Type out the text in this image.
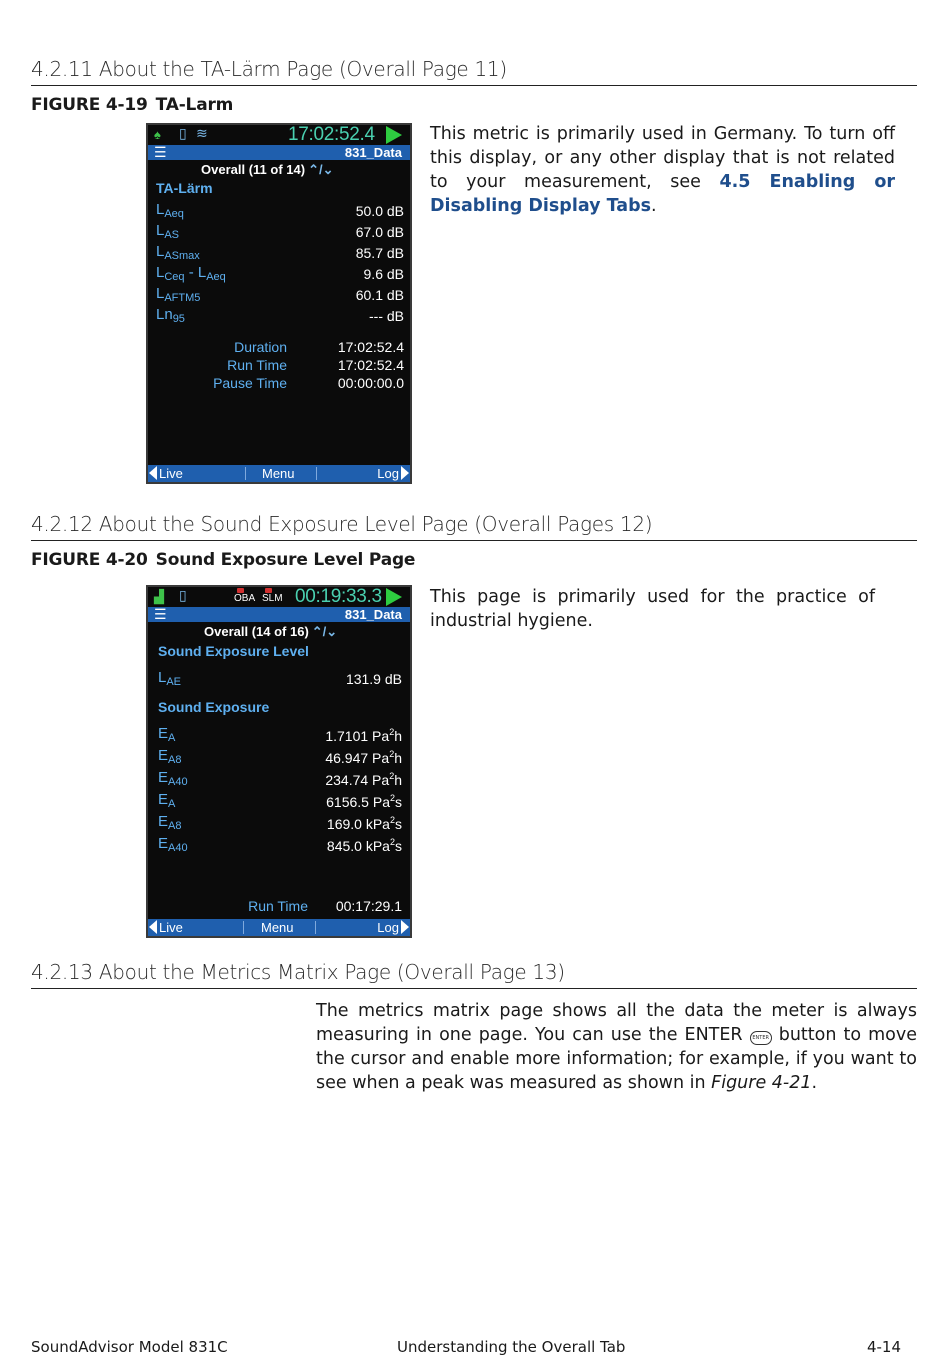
4.2.11 About the TA-Lärm Page (Overall Page 11)
FIGURE 4-19 TA-Larm
♠ ▯ ≋	17:02:52.4
☰	831_Data
Overall (11 of 14) ⌃/⌄
TA-Lärm
$L_{Aeq}$	50.0 dB
$L_{AS}$	67.0 dB
$L_{ASmax}$	85.7 dB
$L_{Ceq} - L_{Aeq}$	9.6 dB
$L_{AFTM5}$	60.1 dB
$Ln_{95}$	--- dB
Duration	17:02:52.4
Run Time	17:02:52.4
Pause Time	00:00:00.0
Live	Menu	Log
This metric is primarily used in Germany. To turn off this display, or any other display that is not related to your measurement, see 4.5 Enabling or Disabling Display Tabs.
4.2.12 About the Sound Exposure Level Page (Overall Pages 12)
FIGURE 4-20 Sound Exposure Level Page
▟ ▯	OBA SLM 00:19:33.3
☰	831_Data
Overall (14 of 16) ⌃/⌄
Sound Exposure Level
$L_{AE}$	131.9 dB
Sound Exposure
$E_A$	1.7101 Pa$^2$h
$E_{A8}$	46.947 Pa$^2$h
$E_{A40}$	234.74 Pa$^2$h
$E_A$	6156.5 Pa$^2$s
$E_{A8}$	169.0 kPa$^2$s
$E_{A40}$	845.0 kPa$^2$s
Run Time 00:17:29.1
Live	Menu	Log
This page is primarily used for the practice of industrial hygiene.
4.2.13 About the Metrics Matrix Page (Overall Page 13)
The metrics matrix page shows all the data the meter is always measuring in one page. You can use the ENTER ENTER button to move the cursor and enable more information; for example, if you want to see when a peak was measured as shown in Figure 4-21.
SoundAdvisor Model 831C	Understanding the Overall Tab	4-14
